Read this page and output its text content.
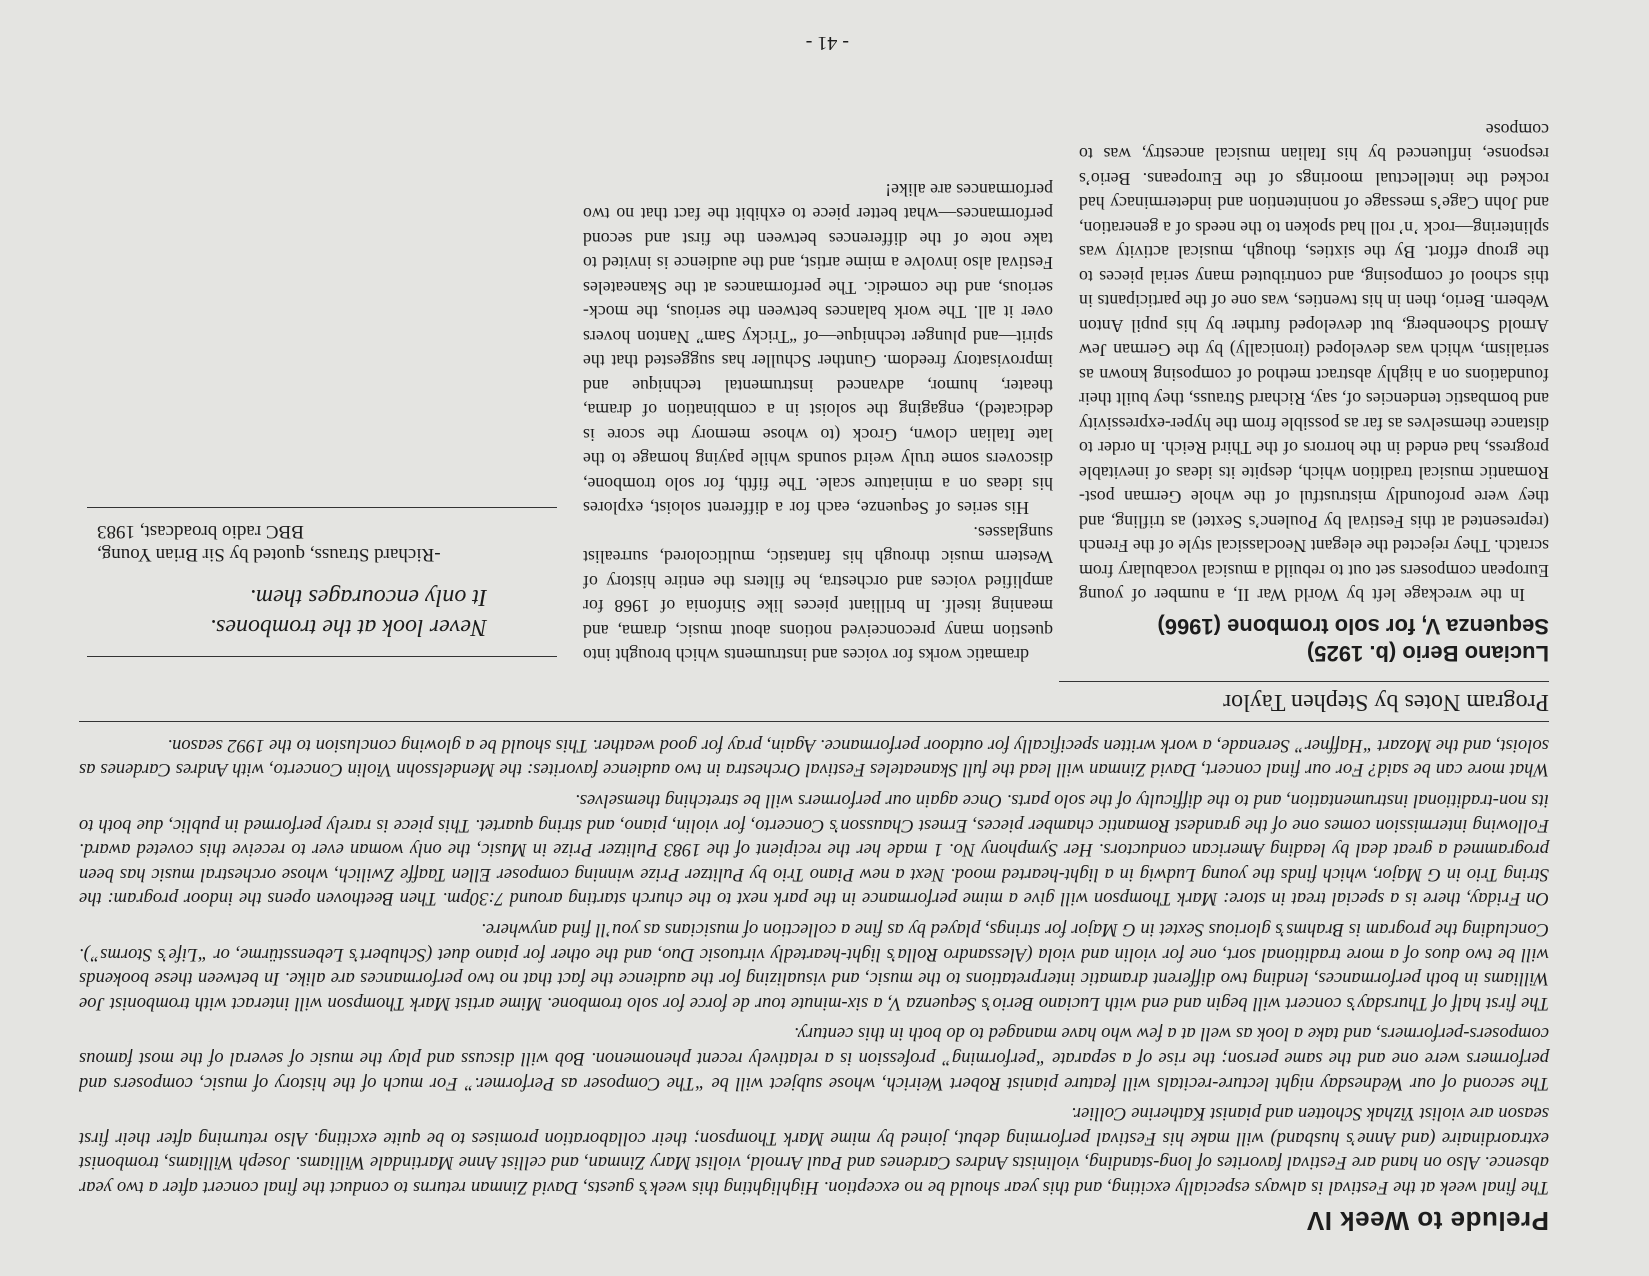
Prelude to Week IV

The final week at the Festival is always especially exciting, and this year should be no exception. Highlighting this week’s guests, David Zinman returns to conduct the final concert after a two year absence. Also on hand are Festival favorites of long-standing, violinists Andres Cardenes and Paul Arnold, violist Mary Zinman, and cellist Anne Martindale Williams. Joseph Williams, trombonist extraordinaire (and Anne’s husband) will make his Festival performing debut, joined by mime Mark Thompson; their collaboration promises to be quite exciting. Also returning after their first season are violist Yizhak Schotten and pianist Katherine Collier.

The second of our Wednesday night lecture-recitals will feature pianist Robert Weirich, whose subject will be “The Composer as Performer.” For much of the history of music, composers and performers were one and the same person; the rise of a separate “performing” profession is a relatively recent phenomenon. Bob will discuss and play the music of several of the most famous composers-performers, and take a look as well at a few who have managed to do both in this century.

The first half of Thursday’s concert will begin and end with Luciano Berio’s Sequenza V, a six-minute tour de force for solo trombone. Mime artist Mark Thompson will interact with trombonist Joe Williams in both performances, lending two different dramatic interpretations to the music, and visualizing for the audience the fact that no two performances are alike. In between these bookends will be two duos of a more traditional sort, one for violin and viola (Alessandro Rolla’s light-heartedly virtuosic Duo, and the other for piano duet (Schubert’s Lebensstürme, or “Life’s Storms”). Concluding the program is Brahms’s glorious Sextet in G Major for strings, played by as fine a collection of musicians as you’ll find anywhere.

On Friday, there is a special treat in store: Mark Thompson will give a mime performance in the park next to the church starting around 7:30pm. Then Beethoven opens the indoor program: the String Trio in G Major, which finds the young Ludwig in a light-hearted mood. Next a new Piano Trio by Pulitzer Prize winning composer Ellen Taaffe Zwilich, whose orchestral music has been programmed a great deal by leading American conductors. Her Symphony No. 1 made her the recipient of the 1983 Pulitzer Prize in Music, the only woman ever to receive this coveted award. Following intermission comes one of the grandest Romantic chamber pieces, Ernest Chausson’s Concerto, for violin, piano, and string quartet. This piece is rarely performed in public, due both to its non-traditional instrumentation, and to the difficulty of the solo parts. Once again our performers will be stretching themselves.

What more can be said? For our final concert, David Zinman will lead the full Skaneateles Festival Orchestra in two audience favorites: the Mendelssohn Violin Concerto, with Andres Cardenes as soloist, and the Mozart “Haffner” Serenade, a work written specifically for outdoor performance. Again, pray for good weather. This should be a glowing conclusion to the 1992 season.

Program Notes by Stephen Taylor
Luciano Berio (b. 1925)
Sequenza V, for solo trombone (1966)

In the wreckage left by World War II, a number of young European composers set out to rebuild a musical vocabulary from scratch. They rejected the elegant Neoclassical style of the French (represented at this Festival by Poulenc’s Sextet) as trifling, and they were profoundly mistrustful of the whole German post-Romantic musical tradition which, despite its ideas of inevitable progress, had ended in the horrors of the Third Reich. In order to distance themselves as far as possible from the hyper-expressivity and bombastic tendencies of, say, Richard Strauss, they built their foundations on a highly abstract method of composing known as serialism, which was developed (ironically) by the German Jew Arnold Schoenberg, but developed further by his pupil Anton Webern. Berio, then in his twenties, was one of the participants in this school of composing, and contributed many serial pieces to the group effort. By the sixties, though, musical activity was splintering—rock ’n’ roll had spoken to the needs of a generation, and John Cage’s message of nonintention and indeterminacy had rocked the intellectual moorings of the Europeans. Berio’s response, influenced by his Italian musical ancestry, was to compose

dramatic works for voices and instruments which brought into question many preconceived notions about music, drama, and meaning itself. In brilliant pieces like Sinfonia of 1968 for amplified voices and orchestra, he filters the entire history of Western music through his fantastic, multicolored, surrealist sunglasses.

His series of Sequenze, each for a different soloist, explores his ideas on a miniature scale. The fifth, for solo trombone, discovers some truly weird sounds while paying homage to the late Italian clown, Grock (to whose memory the score is dedicated), engaging the soloist in a combination of drama, theater, humor, advanced instrumental technique and improvisatory freedom. Gunther Schuller has suggested that the spirit—and plunger technique—of “Tricky Sam” Nanton hovers over it all. The work balances between the serious, the mock-serious, and the comedic. The performances at the Skaneateles Festival also involve a mime artist, and the audience is invited to take note of the differences between the first and second performances—what better piece to exhibit the fact that no two performances are alike!

Never look at the trombones.
It only encourages them.
-Richard Strauss, quoted by Sir Brian Young,
BBC radio broadcast, 1983
- 41 -
